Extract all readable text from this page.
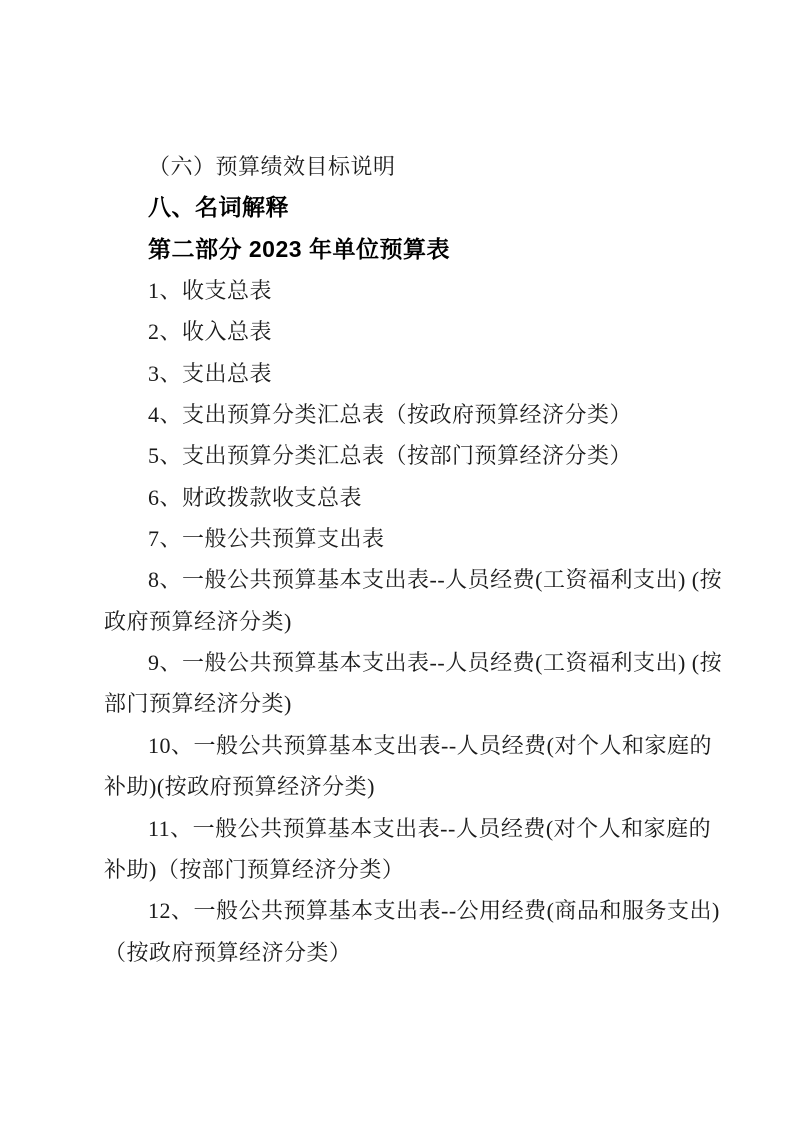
（六）预算绩效目标说明
八、名词解释
第二部分 2023 年单位预算表
1、收支总表
2、收入总表
3、支出总表
4、支出预算分类汇总表（按政府预算经济分类）
5、支出预算分类汇总表（按部门预算经济分类）
6、财政拨款收支总表
7、一般公共预算支出表
8、一般公共预算基本支出表--人员经费(工资福利支出) (按
政府预算经济分类)
9、一般公共预算基本支出表--人员经费(工资福利支出) (按
部门预算经济分类)
10、一般公共预算基本支出表--人员经费(对个人和家庭的
补助)(按政府预算经济分类)
11、一般公共预算基本支出表--人员经费(对个人和家庭的
补助)（按部门预算经济分类）
12、一般公共预算基本支出表--公用经费(商品和服务支出)
（按政府预算经济分类）
